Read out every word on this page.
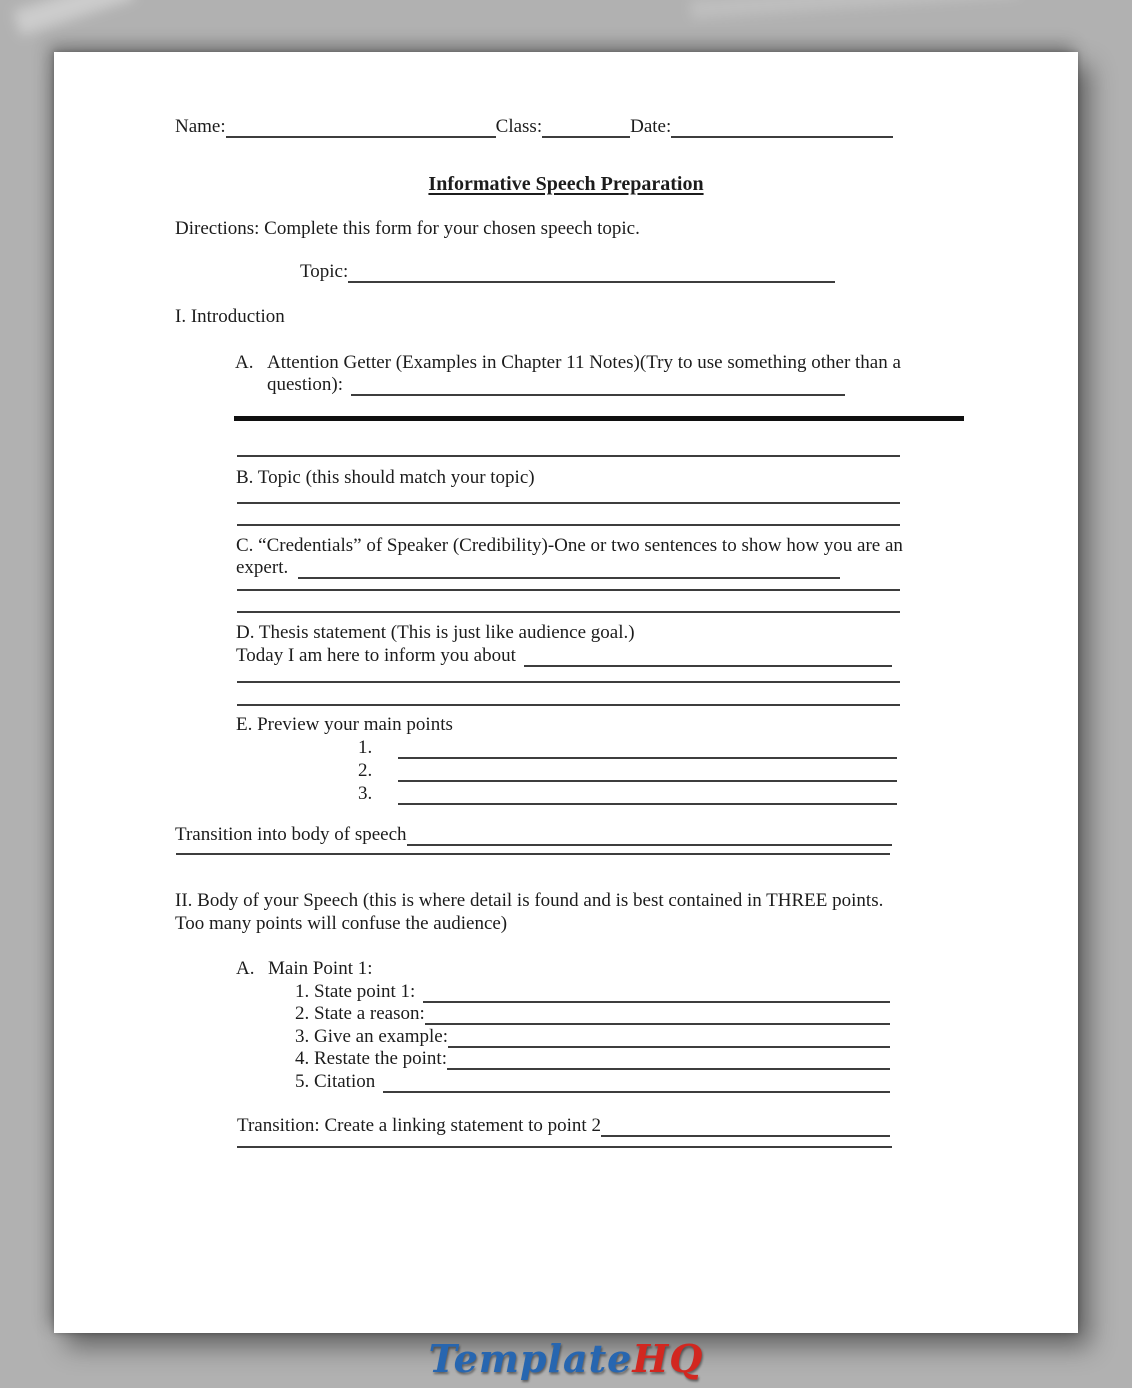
Name:	Class:	Date:
Informative Speech Preparation
Directions: Complete this form for your chosen speech topic.
Topic:
I. Introduction
A. Attention Getter (Examples in Chapter 11 Notes)(Try to use something other than a
question):
B. Topic (this should match your topic)
C. “Credentials” of Speaker (Credibility)-One or two sentences to show how you are an
expert.
D. Thesis statement (This is just like audience goal.)
Today I am here to inform you about
E. Preview your main points
1.
2.
3.
Transition into body of speech
II. Body of your Speech (this is where detail is found and is best contained in THREE points.
Too many points will confuse the audience)
A. Main Point 1:
1. State point 1:
2. State a reason:
3. Give an example:
4. Restate the point:
5. Citation
Transition: Create a linking statement to point 2
TemplateHQ
